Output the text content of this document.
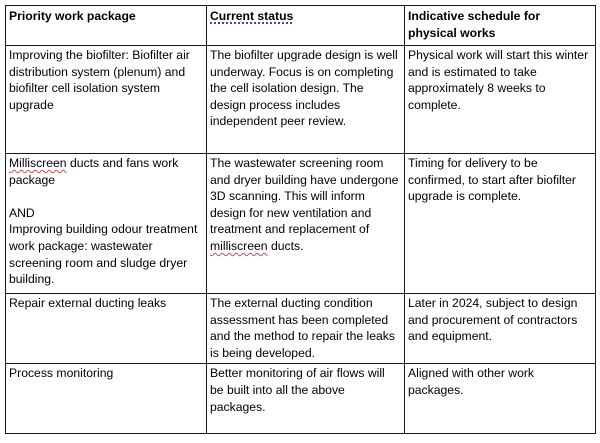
Priority work package	Current status	Indicative schedule for physical works
Improving the biofilter: Biofilter air distribution system (plenum) and biofilter cell isolation system upgrade	The biofilter upgrade design is well underway. Focus is on completing the cell isolation design. The design process includes independent peer review.	Physical work will start this winter and is estimated to take approximately 8 weeks to complete.

Milliscreen ducts and fans work package
AND
Improving building odour treatment work package: wastewater screening room and sludge dryer building.	The wastewater screening room and dryer building have undergone 3D scanning. This will inform design for new ventilation and treatment and replacement of milliscreen ducts.	Timing for delivery to be confirmed, to start after biofilter upgrade is complete.
Repair external ducting leaks	The external ducting condition assessment has been completed and the method to repair the leaks is being developed.	Later in 2024, subject to design and procurement of contractors and equipment.
Process monitoring	Better monitoring of air flows will be built into all the above packages.	Aligned with other work packages.
